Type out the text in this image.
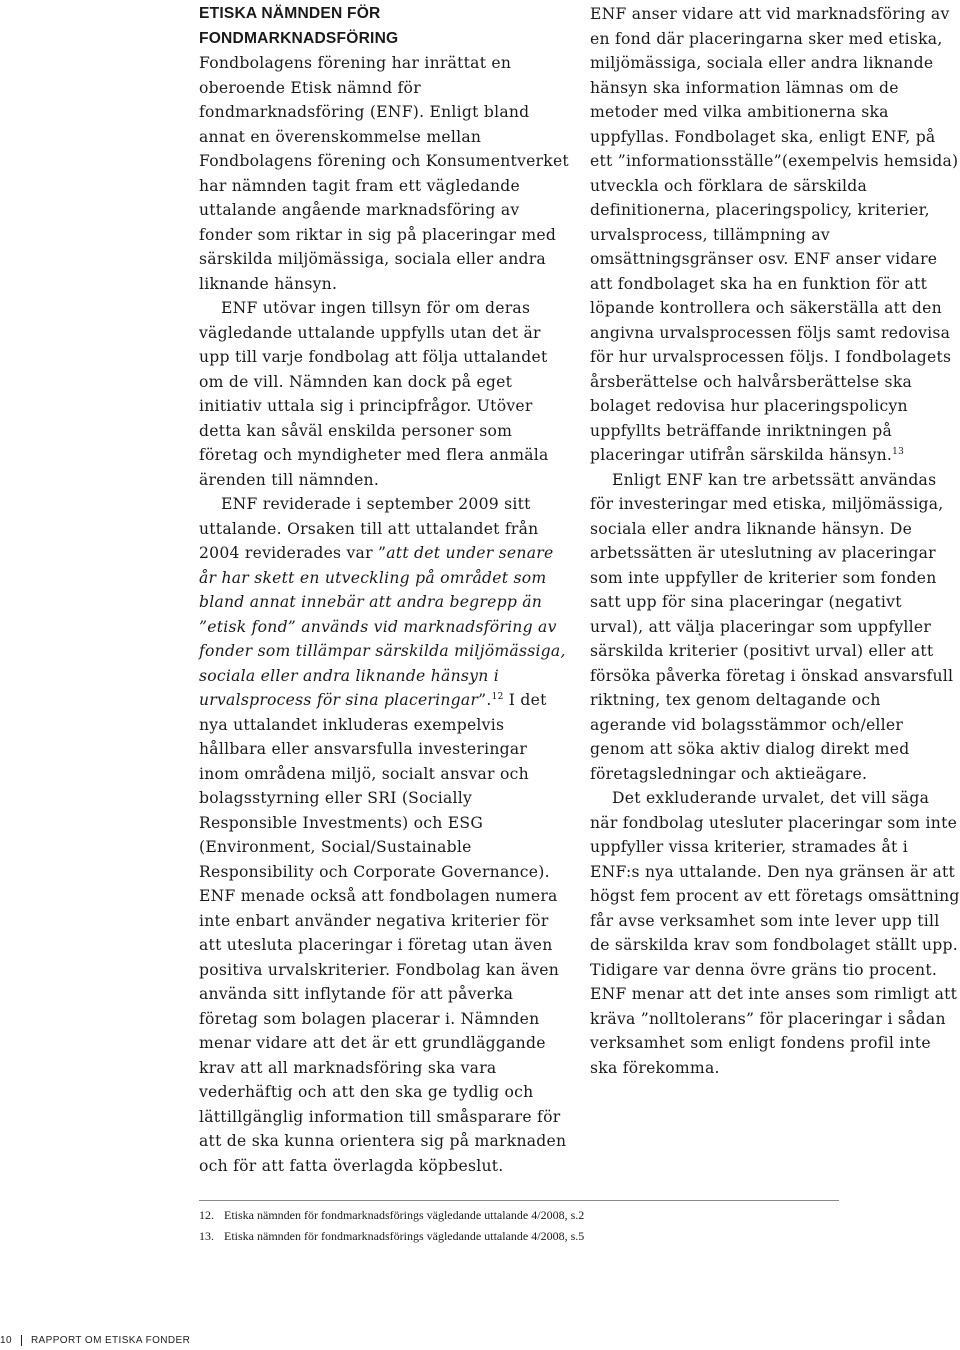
ETISKA NÄMNDEN FÖR FONDMARKNADSFÖRING

Fondbolagens förening har inrättat en oberoende Etisk nämnd för fondmarknadsföring (ENF). Enligt bland annat en överenskommelse mellan Fondbolagens förening och Konsumentverket har nämnden tagit fram ett vägledande uttalande angående marknadsföring av fonder som riktar in sig på placeringar med särskilda miljömässiga, sociala eller andra liknande hänsyn.

ENF utövar ingen tillsyn för om deras vägledande uttalande uppfylls utan det är upp till varje fondbolag att följa uttalandet om de vill. Nämnden kan dock på eget initiativ uttala sig i principfrågor. Utöver detta kan såväl enskilda personer som företag och myndigheter med flera anmäla ärenden till nämnden.

ENF reviderade i september 2009 sitt uttalande. Orsaken till att uttalandet från 2004 reviderades var ”att det under senare år har skett en utveckling på området som bland annat innebär att andra begrepp än ”etisk fond” används vid marknadsföring av fonder som tillämpar särskilda miljömässiga, sociala eller andra liknande hänsyn i urvalsprocess för sina placeringar”.$^{12}$ I det nya uttalandet inkluderas exempelvis hållbara eller ansvarsfulla investeringar inom områdena miljö, socialt ansvar och bolagsstyrning eller SRI (Socially Responsible Investments) och ESG (Environment, Social/Sustainable Responsibility och Corporate Governance). ENF menade också att fondbolagen numera inte enbart använder negativa kriterier för att utesluta placeringar i företag utan även positiva urvalskriterier. Fondbolag kan även använda sitt inflytande för att påverka företag som bolagen placerar i. Nämnden menar vidare att det är ett grundläggande krav att all marknadsföring ska vara vederhäftig och att den ska ge tydlig och lättillgänglig information till småsparare för att de ska kunna orientera sig på marknaden och för att fatta överlagda köpbeslut.

ENF anser vidare att vid marknadsföring av en fond där placeringarna sker med etiska, miljömässiga, sociala eller andra liknande hänsyn ska information lämnas om de metoder med vilka ambitionerna ska uppfyllas. Fondbolaget ska, enligt ENF, på ett ”informationsställe”(exempelvis hemsida) utveckla och förklara de särskilda definitionerna, placeringspolicy, kriterier, urvalsprocess, tillämpning av omsättningsgränser osv. ENF anser vidare att fondbolaget ska ha en funktion för att löpande kontrollera och säkerställa att den angivna urvalsprocessen följs samt redovisa för hur urvalsprocessen följs. I fondbolagets årsberättelse och halvårsberättelse ska bolaget redovisa hur placeringspolicyn uppfyllts beträffande inriktningen på placeringar utifrån särskilda hänsyn.$^{13}$

Enligt ENF kan tre arbetssätt användas för investeringar med etiska, miljömässiga, sociala eller andra liknande hänsyn. De arbetssätten är uteslutning av placeringar som inte uppfyller de kriterier som fonden satt upp för sina placeringar (negativt urval), att välja placeringar som uppfyller särskilda kriterier (positivt urval) eller att försöka påverka företag i önskad ansvarsfull riktning, tex genom deltagande och agerande vid bolagsstämmor och/eller genom att söka aktiv dialog direkt med företagsledningar och aktieägare.

Det exkluderande urvalet, det vill säga när fondbolag utesluter placeringar som inte uppfyller vissa kriterier, stramades åt i ENF:s nya uttalande. Den nya gränsen är att högst fem procent av ett företags omsättning får avse verksamhet som inte lever upp till de särskilda krav som fondbolaget ställt upp. Tidigare var denna övre gräns tio procent. ENF menar att det inte anses som rimligt att kräva ”nolltolerans” för placeringar i sådan verksamhet som enligt fondens profil inte ska förekomma.

12. Etiska nämnden för fondmarknadsförings vägledande uttalande 4/2008, s.2
13. Etiska nämnden för fondmarknadsförings vägledande uttalande 4/2008, s.5
10 RAPPORT OM ETISKA FONDER
